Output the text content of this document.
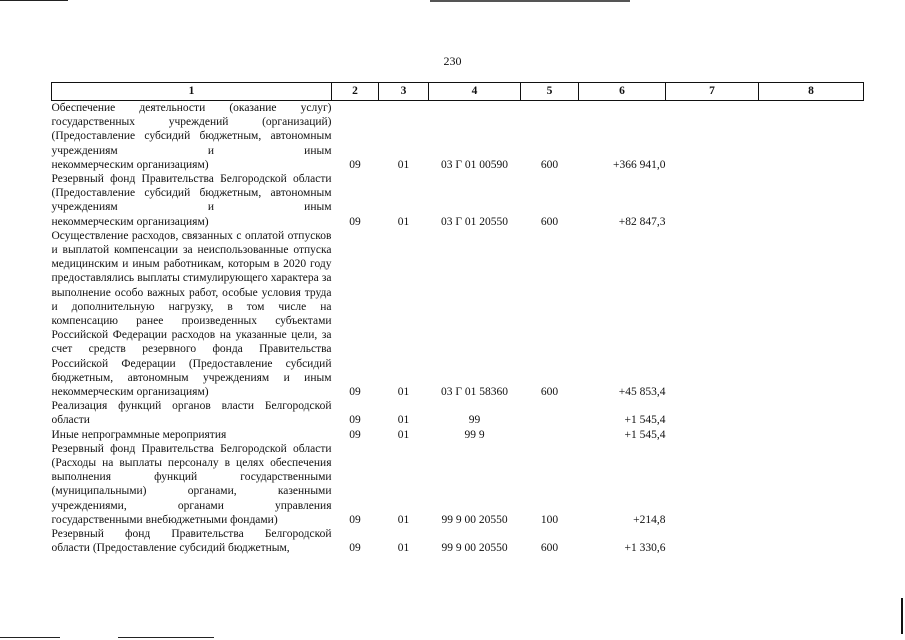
230
1	2	3	4	5	6	7	8
Обеспечение деятельности (оказание услуг) государственных учреждений (организаций) (Предоставление субсидий бюджетным, автономным учреждениям и иным
некоммерческим организациям)	09	01	03 Г 01 00590	600	+366 941,0		
Резервный фонд Правительства Белгородской области (Предоставление субсидий бюджетным, автономным учреждениям и иным
некоммерческим организациям)	09	01	03 Г 01 20550	600	+82 847,3		
Осуществление расходов, связанных с оплатой отпусков и выплатой компенсации за неиспользованные отпуска медицинским и иным работникам, которым в 2020 году предоставлялись выплаты стимулирующего характера за выполнение особо важных работ, особые условия труда и дополнительную нагрузку, в том числе на компенсацию ранее произведенных субъектами Российской Федерации расходов на указанные цели, за счет средств резервного фонда Правительства Российской Федерации (Предоставление субсидий бюджетным, автономным учреждениям и иным
некоммерческим организациям)	09	01	03 Г 01 58360	600	+45 853,4		
Реализация функций органов власти Белгородской
области	09	01	99		+1 545,4		

Иные непрограммные мероприятия	09	01	99 9		+1 545,4		
Резервный фонд Правительства Белгородской области (Расходы на выплаты персоналу в целях обеспечения выполнения функций государственными (муниципальными) органами, казенными учреждениями, органами управления
государственными внебюджетными фондами)	09	01	99 9 00 20550	100	+214,8		
Резервный фонд Правительства Белгородской
области (Предоставление субсидий бюджетным,	09	01	99 9 00 20550	600	+1 330,6		
